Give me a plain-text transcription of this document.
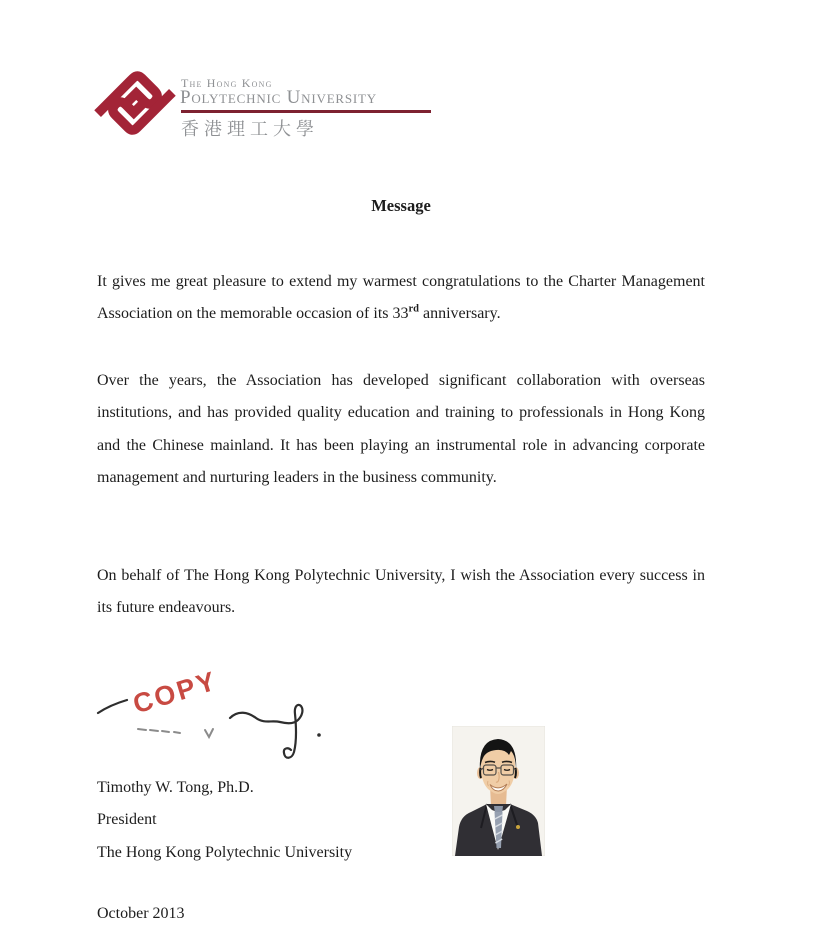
The Hong Kong
Polytechnic University
香港理工大學
Message

It gives me great pleasure to extend my warmest congratulations to the Charter Management Association on the memorable occasion of its 33rd anniversary.

Over the years, the Association has developed significant collaboration with overseas institutions, and has provided quality education and training to professionals in Hong Kong and the Chinese mainland. It has been playing an instrumental role in advancing corporate management and nurturing leaders in the business community.

On behalf of The Hong Kong Polytechnic University, I wish the Association every success in its future endeavours.

COPY
Timothy W. Tong, Ph.D.
President
The Hong Kong Polytechnic University
October 2013
